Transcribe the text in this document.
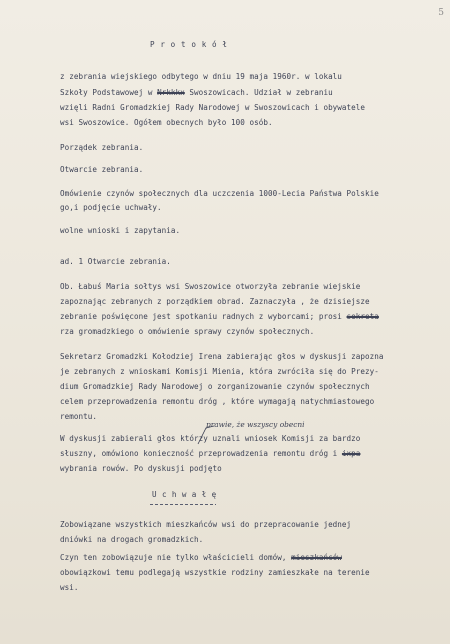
5
P r o t o k ó ł
z zebrania wiejskiego odbytego w dniu 19 maja 1960r. w lokalu
Szkoły Podstawowej w Nrkkkx Swoszowicach. Udział w zebraniu
wzięli Radni Gromadzkiej Rady Narodowej w Swoszowicach i obywatele
wsi Swoszowice. Ogółem obecnych było 100 osób.
Porządek zebrania.
Otwarcie zebrania.
Omówienie czynów społecznych dla uczczenia 1000-Lecia Państwa Polskie
go,i podjęcie uchwały.
wolne wnioski i zapytania.
ad. 1 Otwarcie zebrania.
Ob. Łabuś Maria sołtys wsi Swoszowice otworzyła zebranie wiejskie
zapoznając zebranych z porządkiem obrad. Zaznaczyła , że dzisiejsze
zebranie poświęcone jest spotkaniu radnych z wyborcami; prosi sekreta
rza gromadzkiego o omówienie sprawy czynów społecznych.
Sekretarz Gromadzki Kołodziej Irena zabierając głos w dyskusji zapozna
je zebranych z wnioskami Komisji Mienia, która zwróciła się do Prezy-
dium Gromadzkiej Rady Narodowej o zorganizowanie czynów społecznych
celem przeprowadzenia remontu dróg , które wymagają natychmiastowego
remontu.
prawie, że wszyscy obecni
W dyskusji zabierali głos którzy uznali wniosek Komisji za bardzo
słuszny, omówiono konieczność przeprowadzenia remontu dróg i ixpa
wybrania rowów. Po dyskusji podjęto
U c h w a ł ę
Zobowiązane wszystkich mieszkańców wsi do przepracowanie jednej
dniówki na drogach gromadzkich.
Czyn ten zobowiązuje nie tylko właścicieli domów, mieszkańców
obowiązkowi temu podlegają wszystkie rodziny zamieszkałe na terenie
wsi.
